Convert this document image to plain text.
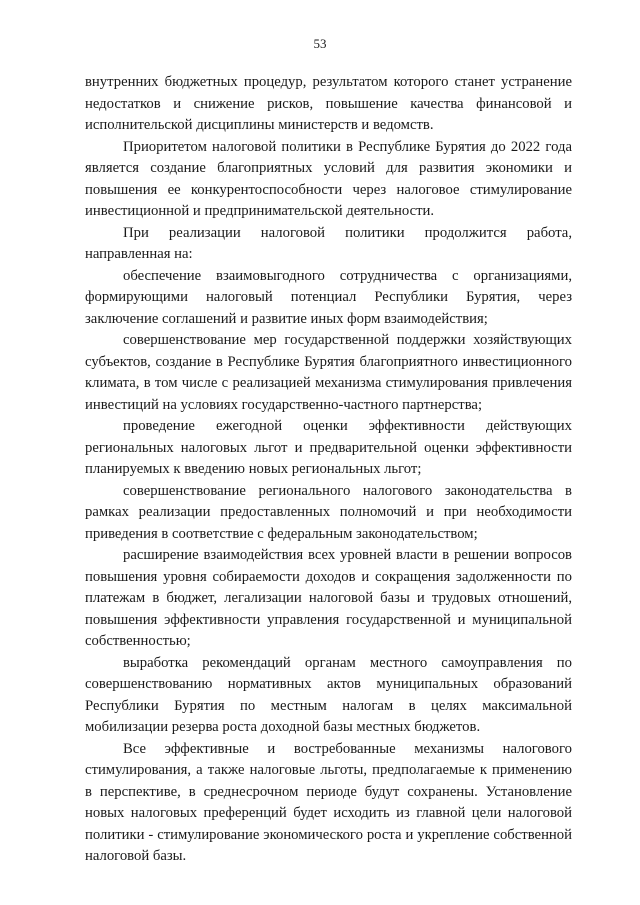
53

внутренних бюджетных процедур, результатом которого станет устранение недостатков и снижение рисков, повышение качества финансовой и исполнительской дисциплины министерств и ведомств.

Приоритетом налоговой политики в Республике Бурятия до 2022 года является создание благоприятных условий для развития экономики и повышения ее конкурентоспособности через налоговое стимулирование инвестиционной и предпринимательской деятельности.

При реализации налоговой политики продолжится работа, направленная на:

обеспечение взаимовыгодного сотрудничества с организациями, формирующими налоговый потенциал Республики Бурятия, через заключение соглашений и развитие иных форм взаимодействия;

совершенствование мер государственной поддержки хозяйствующих субъектов, создание в Республике Бурятия благоприятного инвестиционного климата, в том числе с реализацией механизма стимулирования привлечения инвестиций на условиях государственно-частного партнерства;

проведение ежегодной оценки эффективности действующих региональных налоговых льгот и предварительной оценки эффективности планируемых к введению новых региональных льгот;

совершенствование регионального налогового законодательства в рамках реализации предоставленных полномочий и при необходимости приведения в соответствие с федеральным законодательством;

расширение взаимодействия всех уровней власти в решении вопросов повышения уровня собираемости доходов и сокращения задолженности по платежам в бюджет, легализации налоговой базы и трудовых отношений, повышения эффективности управления государственной и муниципальной собственностью;

выработка рекомендаций органам местного самоуправления по совершенствованию нормативных актов муниципальных образований Республики Бурятия по местным налогам в целях максимальной мобилизации резерва роста доходной базы местных бюджетов.

Все эффективные и востребованные механизмы налогового стимулирования, а также налоговые льготы, предполагаемые к применению в перспективе, в среднесрочном периоде будут сохранены. Установление новых налоговых преференций будет исходить из главной цели налоговой политики - стимулирование экономического роста и укрепление собственной налоговой базы.
